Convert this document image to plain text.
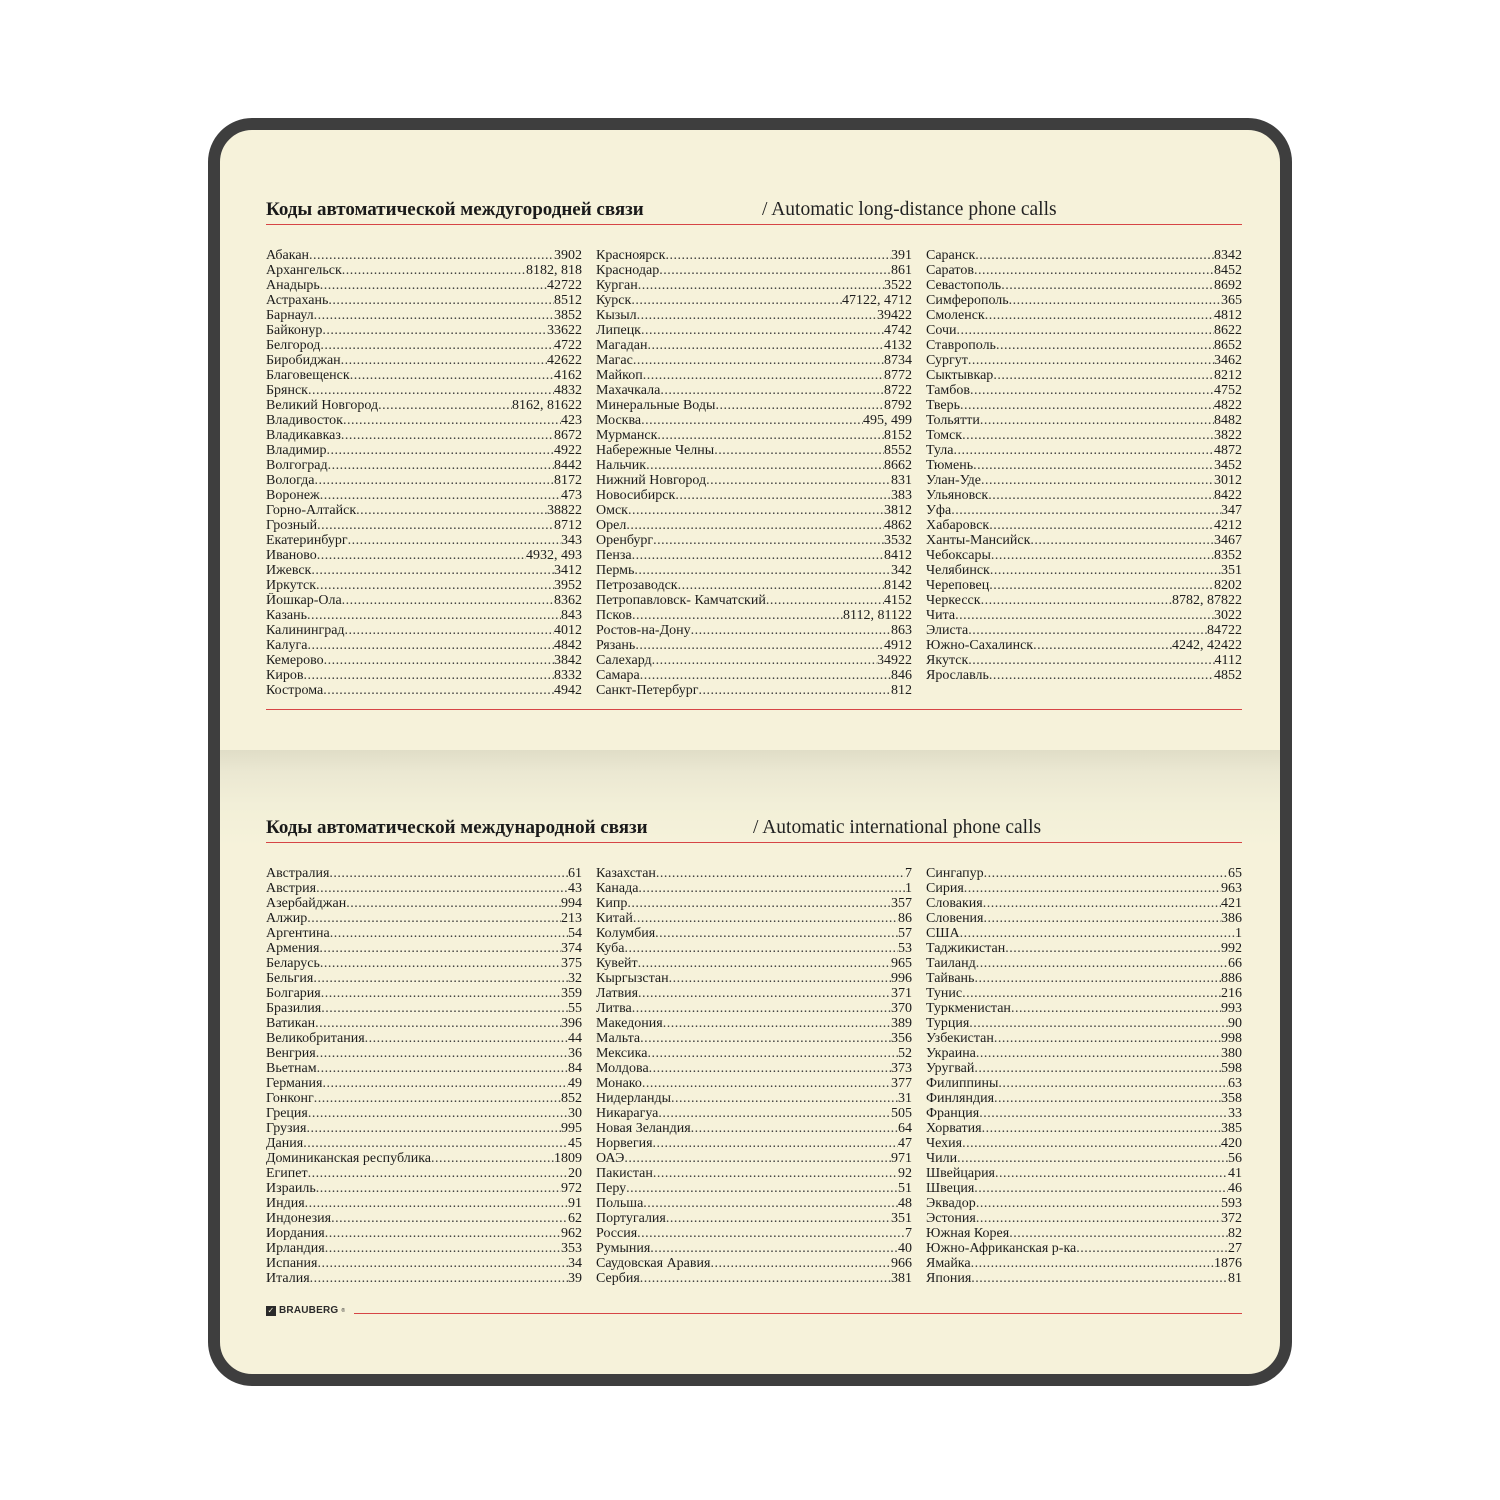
Коды автоматической междугородней связи	/ Automatic long-distance phone calls
Абакан .....	3902
Архангельск .....	8182, 818
Анадырь .....	42722
Астрахань .....	8512
Барнаул .....	3852
Байконур .....	33622
Белгород .....	4722
Биробиджан .....	42622
Благовещенск .....	4162
Брянск .....	4832
Великий Новгород .....	8162, 81622
Владивосток .....	423
Владикавказ .....	8672
Владимир .....	4922
Волгоград .....	8442
Вологда .....	8172
Воронеж .....	473
Горно-Алтайск .....	38822
Грозный .....	8712
Екатеринбург .....	343
Иваново .....	4932, 493
Ижевск .....	3412
Иркутск .....	3952
Йошкар-Ола .....	8362
Казань .....	843
Калининград .....	4012
Калуга .....	4842
Кемерово .....	3842
Киров .....	8332
Кострома .....	4942
Красноярск .....	391
Краснодар .....	861
Курган .....	3522
Курск .....	47122, 4712
Кызыл .....	39422
Липецк .....	4742
Магадан .....	4132
Магас .....	8734
Майкоп .....	8772
Махачкала .....	8722
Минеральные Воды .....	8792
Москва .....	495, 499
Мурманск .....	8152
Набережные Челны .....	8552
Нальчик .....	8662
Нижний Новгород .....	831
Новосибирск .....	383
Омск .....	3812
Орел .....	4862
Оренбург .....	3532
Пенза .....	8412
Пермь .....	342
Петрозаводск .....	8142
Петропавловск- Камчатский .....	4152
Псков .....	8112, 81122
Ростов-на-Дону .....	863
Рязань .....	4912
Салехард .....	34922
Самара .....	846
Санкт-Петербург .....	812
Саранск .....	8342
Саратов .....	8452
Севастополь .....	8692
Симферополь .....	365
Смоленск .....	4812
Сочи .....	8622
Ставрополь .....	8652
Сургут .....	3462
Сыктывкар .....	8212
Тамбов .....	4752
Тверь .....	4822
Тольятти .....	8482
Томск .....	3822
Тула .....	4872
Тюмень .....	3452
Улан-Уде .....	3012
Ульяновск .....	8422
Уфа .....	347
Хабаровск .....	4212
Ханты-Мансийск .....	3467
Чебоксары .....	8352
Челябинск .....	351
Череповец .....	8202
Черкесск .....	8782, 87822
Чита .....	3022
Элиста .....	84722
Южно-Сахалинск .....	4242, 42422
Якутск .....	4112
Ярославль .....	4852
Коды автоматической международной связи	/ Automatic international phone calls
Австралия .....	61
Австрия .....	43
Азербайджан .....	994
Алжир .....	213
Аргентина .....	54
Армения .....	374
Беларусь .....	375
Бельгия .....	32
Болгария .....	359
Бразилия .....	55
Ватикан .....	396
Великобритания .....	44
Венгрия .....	36
Вьетнам .....	84
Германия .....	49
Гонконг .....	852
Греция .....	30
Грузия .....	995
Дания .....	45
Доминиканская республика .....	1809
Египет .....	20
Израиль .....	972
Индия .....	91
Индонезия .....	62
Иордания .....	962
Ирландия .....	353
Испания .....	34
Италия .....	39
Казахстан .....	7
Канада .....	1
Кипр .....	357
Китай .....	86
Колумбия .....	57
Куба .....	53
Кувейт .....	965
Кыргызстан .....	996
Латвия .....	371
Литва .....	370
Македония .....	389
Мальта .....	356
Мексика .....	52
Молдова .....	373
Монако .....	377
Нидерланды .....	31
Никарагуа .....	505
Новая Зеландия .....	64
Норвегия .....	47
ОАЭ .....	971
Пакистан .....	92
Перу .....	51
Польша .....	48
Португалия .....	351
Россия .....	7
Румыния .....	40
Саудовская Аравия .....	966
Сербия .....	381
Сингапур .....	65
Сирия .....	963
Словакия .....	421
Словения .....	386
США .....	1
Таджикистан .....	992
Таиланд .....	66
Тайвань .....	886
Тунис .....	216
Туркменистан .....	993
Турция .....	90
Узбекистан .....	998
Украина .....	380
Уругвай .....	598
Филиппины .....	63
Финляндия .....	358
Франция .....	33
Хорватия .....	385
Чехия .....	420
Чили .....	56
Швейцария .....	41
Швеция .....	46
Эквадор .....	593
Эстония .....	372
Южная Корея .....	82
Южно-Африканская р-ка .....	27
Ямайка .....	1876
Япония .....	81
✓ BRAUBERG ®
